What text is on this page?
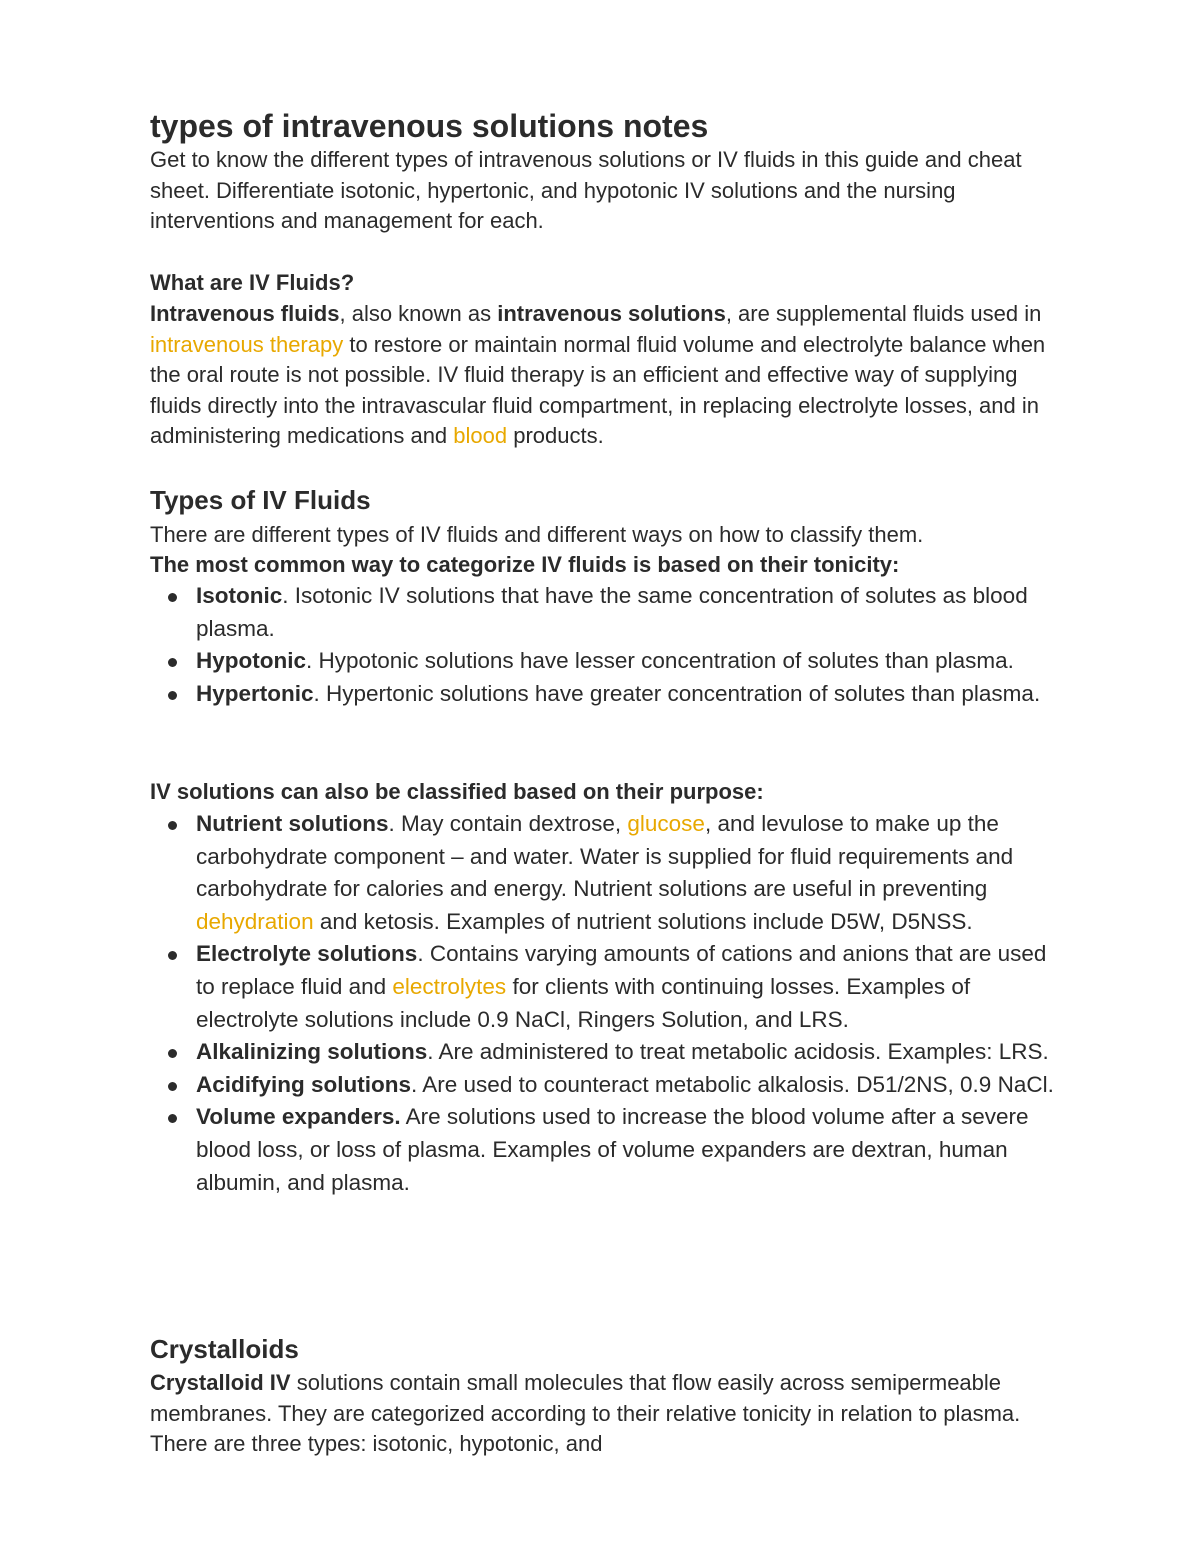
types of intravenous solutions notes

Get to know the different types of intravenous solutions or IV fluids in this guide and cheat sheet. Differentiate isotonic, hypertonic, and hypotonic IV solutions and the nursing interventions and management for each.

What are IV Fluids?

Intravenous fluids, also known as intravenous solutions, are supplemental fluids used in intravenous therapy to restore or maintain normal fluid volume and electrolyte balance when the oral route is not possible. IV fluid therapy is an efficient and effective way of supplying fluids directly into the intravascular fluid compartment, in replacing electrolyte losses, and in administering medications and blood products.

Types of IV Fluids

There are different types of IV fluids and different ways on how to classify them.

The most common way to categorize IV fluids is based on their tonicity:
Isotonic. Isotonic IV solutions that have the same concentration of solutes as blood plasma.
Hypotonic. Hypotonic solutions have lesser concentration of solutes than plasma.
Hypertonic. Hypertonic solutions have greater concentration of solutes than plasma.
IV solutions can also be classified based on their purpose:
Nutrient solutions. May contain dextrose, glucose, and levulose to make up the carbohydrate component – and water. Water is supplied for fluid requirements and carbohydrate for calories and energy. Nutrient solutions are useful in preventing dehydration and ketosis. Examples of nutrient solutions include D5W, D5NSS.
Electrolyte solutions. Contains varying amounts of cations and anions that are used to replace fluid and electrolytes for clients with continuing losses. Examples of electrolyte solutions include 0.9 NaCl, Ringers Solution, and LRS.
Alkalinizing solutions. Are administered to treat metabolic acidosis. Examples: LRS.
Acidifying solutions. Are used to counteract metabolic alkalosis. D51/2NS, 0.9 NaCl.
Volume expanders. Are solutions used to increase the blood volume after a severe blood loss, or loss of plasma. Examples of volume expanders are dextran, human albumin, and plasma.
Crystalloids

Crystalloid IV solutions contain small molecules that flow easily across semipermeable membranes. They are categorized according to their relative tonicity in relation to plasma. There are three types: isotonic, hypotonic, and
